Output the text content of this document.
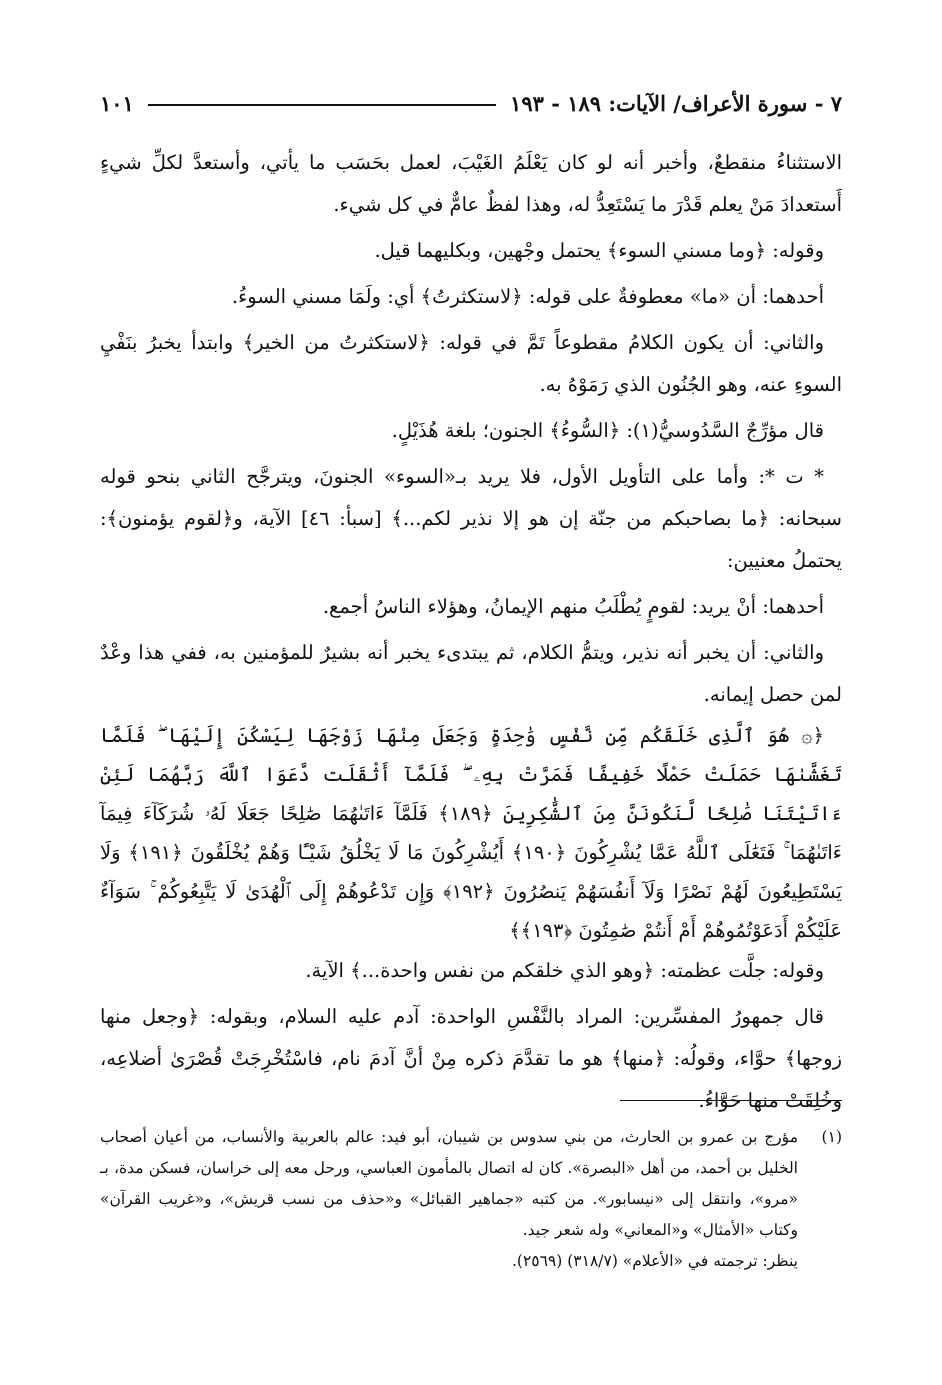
٧ - سورة الأعراف/ الآيات: ١٨٩ - ١٩٣
١٠١

الاستثناءُ منقطعٌ، وأخبر أنه لو كان يَعْلَمُ الغَيْبَ، لعمل بحَسَب ما يأتي، وأستعدَّ لكلِّ شيءٍ أَستعدادَ مَنْ يعلم قَدْرَ ما يَسْتَعِدُّ له، وهذا لفظٌ عامٌّ في كل شيء.

وقوله: ﴿وما مسني السوء﴾ يحتمل وجْهين، وبكليهما قيل.

أحدهما: أن «ما» معطوفةٌ على قوله: ﴿لاستكثرتُ﴾ أي: ولَمَا مسني السوءُ.

والثاني: أن يكون الكلامُ مقطوعاً تَمَّ في قوله: ﴿لاستكثرتُ من الخير﴾ وابتدأ يخبرُ بنَفْيِ السوءِ عنه، وهو الجُنُون الذي رَمَوْهُ به.

قال مؤرِّجٌ السَّدُوسيُّ(١): ﴿السُّوءُ﴾ الجنون؛ بلغة هُذَيْلٍ.

* ت *: وأما على التأويل الأول، فلا يريد بـ«السوء» الجنونَ، ويترجَّح الثاني بنحو قوله سبحانه: ﴿ما بصاحبكم من جنّة إن هو إلا نذير لكم...﴾ [سبأ: ٤٦] الآية، و﴿لقوم يؤمنون﴾: يحتملُ معنيين:

أحدهما: أنْ يريد: لقومٍ يُطْلَبُ منهم الإيمانُ، وهؤلاء الناسُ أجمع.

والثاني: أن يخبر أنه نذير، ويتمُّ الكلام، ثم يبتدىء يخبر أنه بشيرٌ للمؤمنين به، ففي هذا وعْدٌ لمن حصل إيمانه.

﴿۞ هُوَ ٱلَّذِى خَلَقَكُم مِّن نَّفْسٍ وَٰحِدَةٍ وَجَعَلَ مِنْهَا زَوْجَهَا لِيَسْكُنَ إِلَيْهَا ۖ فَلَمَّا تَغَشَّىٰهَا حَمَلَتْ حَمْلًا خَفِيفًا فَمَرَّتْ بِهِۦ ۖ فَلَمَّآ أَثْقَلَت دَّعَوَا ٱللَّهَ رَبَّهُمَا لَئِنْ ءَاتَيْتَنَا صَٰلِحًا لَّنَكُونَنَّ مِنَ ٱلشَّٰكِرِينَ ﴿١٨٩﴾ فَلَمَّآ ءَاتَىٰهُمَا صَٰلِحًا جَعَلَا لَهُۥ شُرَكَآءَ فِيمَآ ءَاتَىٰهُمَا ۚ فَتَعَٰلَى ٱللَّهُ عَمَّا يُشْرِكُونَ ﴿١٩٠﴾ أَيُشْرِكُونَ مَا لَا يَخْلُقُ شَيْـًٔا وَهُمْ يُخْلَقُونَ ﴿١٩١﴾ وَلَا يَسْتَطِيعُونَ لَهُمْ نَصْرًا وَلَآ أَنفُسَهُمْ يَنصُرُونَ ﴿١٩٢﴾ وَإِن تَدْعُوهُمْ إِلَى ٱلْهُدَىٰ لَا يَتَّبِعُوكُمْ ۚ سَوَآءٌ عَلَيْكُمْ أَدَعَوْتُمُوهُمْ أَمْ أَنتُمْ صَٰمِتُونَ ﴿١٩٣﴾﴾

وقوله: جلَّت عظمته: ﴿وهو الذي خلقكم من نفس واحدة...﴾ الآية.

قال جمهورُ المفسِّرين: المراد بالنَّفْسِ الواحدة: آدم عليه السلام، وبقوله: ﴿وجعل منها زوجها﴾ حوَّاء، وقولُه: ﴿منها﴾ هو ما تقدَّمَ ذكره مِنْ أنَّ آدمَ نام، فاسْتُخْرِجَتْ قُصْرَىٰ أضلاعِه، وخُلِقَتْ منها حَوَّاءُ.

(١)

مؤرج بن عمرو بن الحارث، من بني سدوس بن شيبان، أبو فيد: عالم بالعربية والأنساب، من أعيان أصحاب الخليل بن أحمد، من أهل «البصرة». كان له اتصال بالمأمون العباسي، ورحل معه إلى خراسان، فسكن مدة، بـ «مرو»، وانتقل إلى «نيسابور». من كتبه «جماهير القبائل» و«حذف من نسب قريش»، و«غريب القرآن» وكتاب «الأمثال» و«المعاني» وله شعر جيد.

ينظر: ترجمته في «الأعلام» (٣١٨/٧) (٢٥٦٩).
